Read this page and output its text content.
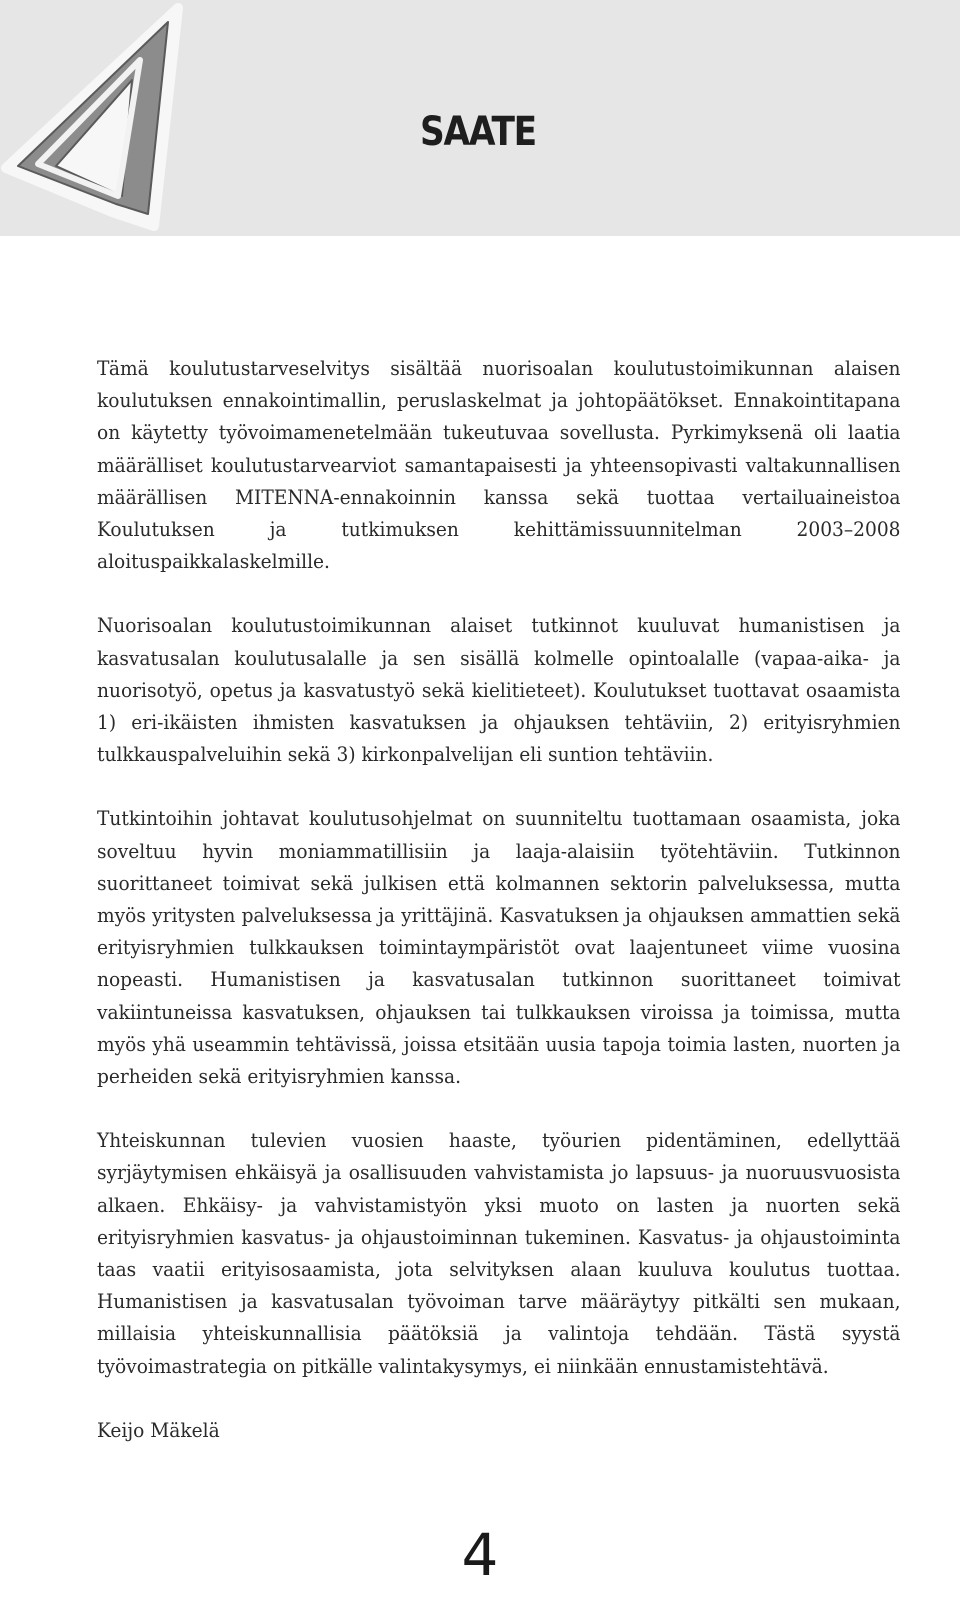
SAATE

Tämä koulutustarveselvitys sisältää nuorisoalan koulutustoimikunnan alaisen koulutuksen ennakointimallin, peruslaskelmat ja johtopäätökset. Ennakointitapana on käytetty työvoimamenetelmään tukeutuvaa sovellusta. Pyrkimyksenä oli laatia määrälliset koulutustarvearviot samantapaisesti ja yhteensopivasti valtakunnallisen määrällisen MITENNA-ennakoinnin kanssa sekä tuottaa vertailuaineistoa Koulutuksen ja tutkimuksen kehittämissuunnitelman 2003–2008 aloituspaikkalaskelmille.

Nuorisoalan koulutustoimikunnan alaiset tutkinnot kuuluvat humanistisen ja kasvatusalan koulutusalalle ja sen sisällä kolmelle opintoalalle (vapaa-aika- ja nuorisotyö, opetus ja kasvatustyö sekä kielitieteet). Koulutukset tuottavat osaamista 1) eri-ikäisten ihmisten kasvatuksen ja ohjauksen tehtäviin, 2) erityisryhmien tulkkauspalveluihin sekä 3) kirkonpalvelijan eli suntion tehtäviin.

Tutkintoihin johtavat koulutusohjelmat on suunniteltu tuottamaan osaamista, joka soveltuu hyvin moniammatillisiin ja laaja-alaisiin työtehtäviin. Tutkinnon suorittaneet toimivat sekä julkisen että kolmannen sektorin palveluksessa, mutta myös yritysten palveluksessa ja yrittäjinä. Kasvatuksen ja ohjauksen ammattien sekä erityisryhmien tulkkauksen toimintaympäristöt ovat laajentuneet viime vuosina nopeasti. Humanistisen ja kasvatusalan tutkinnon suorittaneet toimivat vakiintuneissa kasvatuksen, ohjauksen tai tulkkauksen viroissa ja toimissa, mutta myös yhä useammin tehtävissä, joissa etsitään uusia tapoja toimia lasten, nuorten ja perheiden sekä erityisryhmien kanssa.

Yhteiskunnan tulevien vuosien haaste, työurien pidentäminen, edellyttää syrjäytymisen ehkäisyä ja osallisuuden vahvistamista jo lapsuus- ja nuoruusvuosista alkaen. Ehkäisy- ja vahvistamistyön yksi muoto on lasten ja nuorten sekä erityisryhmien kasvatus- ja ohjaustoiminnan tukeminen. Kasvatus- ja ohjaustoiminta taas vaatii erityisosaamista, jota selvityksen alaan kuuluva koulutus tuottaa. Humanistisen ja kasvatusalan työvoiman tarve määräytyy pitkälti sen mukaan, millaisia yhteiskunnallisia päätöksiä ja valintoja tehdään. Tästä syystä työvoimastrategia on pitkälle valintakysymys, ei niinkään ennustamistehtävä.

Keijo Mäkelä

4
